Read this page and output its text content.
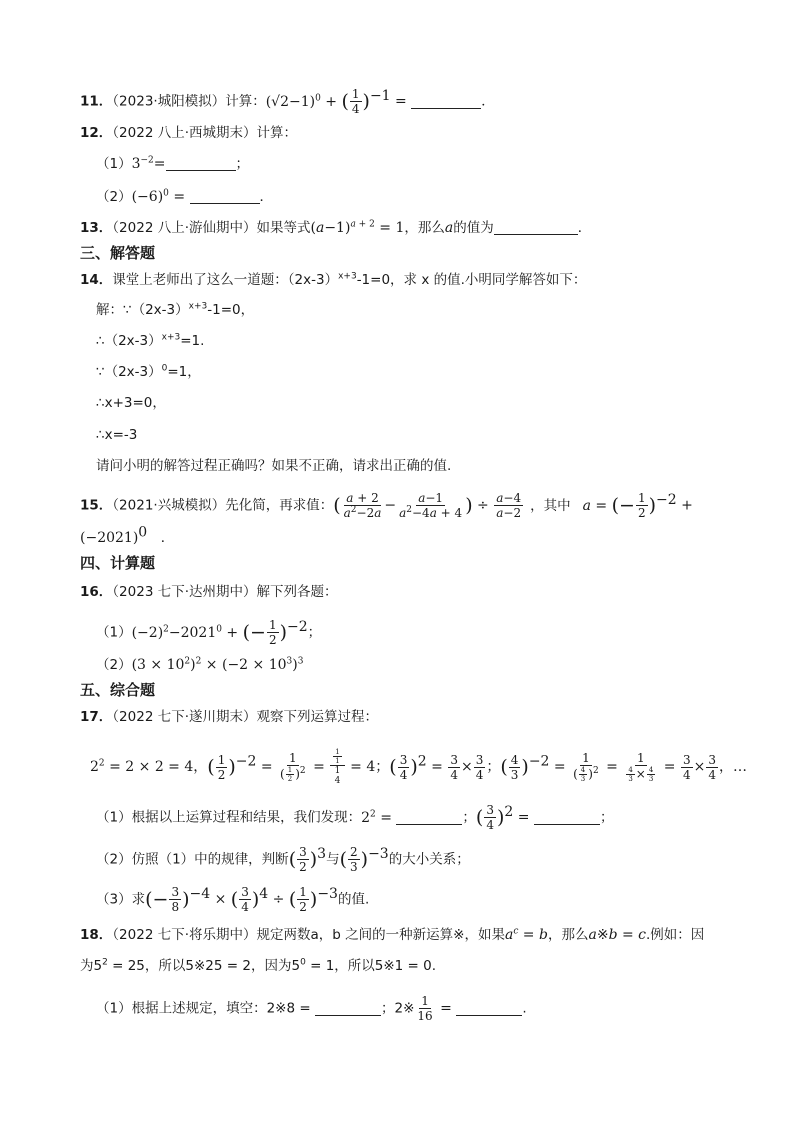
11．（2023·城阳模拟）计算：$(√2-1)^0$ + ( $\frac{1}{4} )^{-1}$ =	．
12．（2022 八上·西城期末）计算：
$(1)3^{-2}=$	；
$(2)(-6)^0$ =	．
13．（2022 八上·游仙期中）如果等式$(a-1)^{a + 2} = 1$，那么a的值为	．
三、解答题
14．课堂上老师出了这么一道题：$(2x-3)^{x+3}-1=0$，求 x 的值.小明同学解答如下：
解：$\because(2x-3)^{x+3}-1=0$，
$\therefore(2x-3)^{x+3}=1$.
$\because(2x-3)^0=1$，
∴x+3=0，
∴x=-3
请问小明的解答过程正确吗？如果不正确，请求出正确的值.
15．（2021·兴城模拟）先化简，再求值：( $\frac{a + 2}{a^2-2a} - \frac{a-1}{a^2-4a + 4}$ ) ÷ $\frac{a-4}{a-2}$ ，其中 a = (− $\frac{1}{2} )^{-2}$ +
$(-2021)^0$　．
四、计算题
16．（2023 七下·达州期中）解下列各题：
$(1)(-2)^2-2021^0$ + (− $\frac{1}{2} )^{-2}$；
$(2)(3 \times 10^2)^2 \times (-2 \times 10^3)^3$
五、综合题
17．（2022 七下·遂川期末）观察下列运算过程：
$2^2 = 2 \times 2 = 4$，( $\frac{1}{2} )^{-2} = \frac{1}{( \frac{1}{2} )^2}$ =
$\frac{1}{1}$
1
4
= 4；( $\frac{3}{4} )^2 = \frac{3}{4} \times \frac{3}{4}$ ；( $\frac{4}{3} )^{-2} = \frac{1}{( \frac{4}{3} )^2} = \frac{1}{\frac{4}{3} \times \frac{4}{3}} = \frac{3}{4} \times \frac{3}{4}$ ，…
（1）根据以上运算过程和结果，我们发现：$2^2$ =	；( $\frac{3}{4} )^2$ =	；
（2）仿照（1）中的规律，判断( $\frac{3}{2} )^3$与( $\frac{2}{3} )^{-3}$的大小关系；
（3）求(− $\frac{3}{8} )^{-4}$ × ( $\frac{3}{4} )^4$ ÷ ( $\frac{1}{2} )^{-3}$的值.
18．（2022 七下·将乐期中）规定两数a，b 之间的一种新运算※，如果$a^c = b$，那么a※b = c.例如：因
为$5^2 = 25$，所以5※25 = 2，因为$5^0 = 1$，所以5※1 = 0.
（1）根据上述规定，填空：2※8 =	；2※ $\frac{1}{16}$ =	.
